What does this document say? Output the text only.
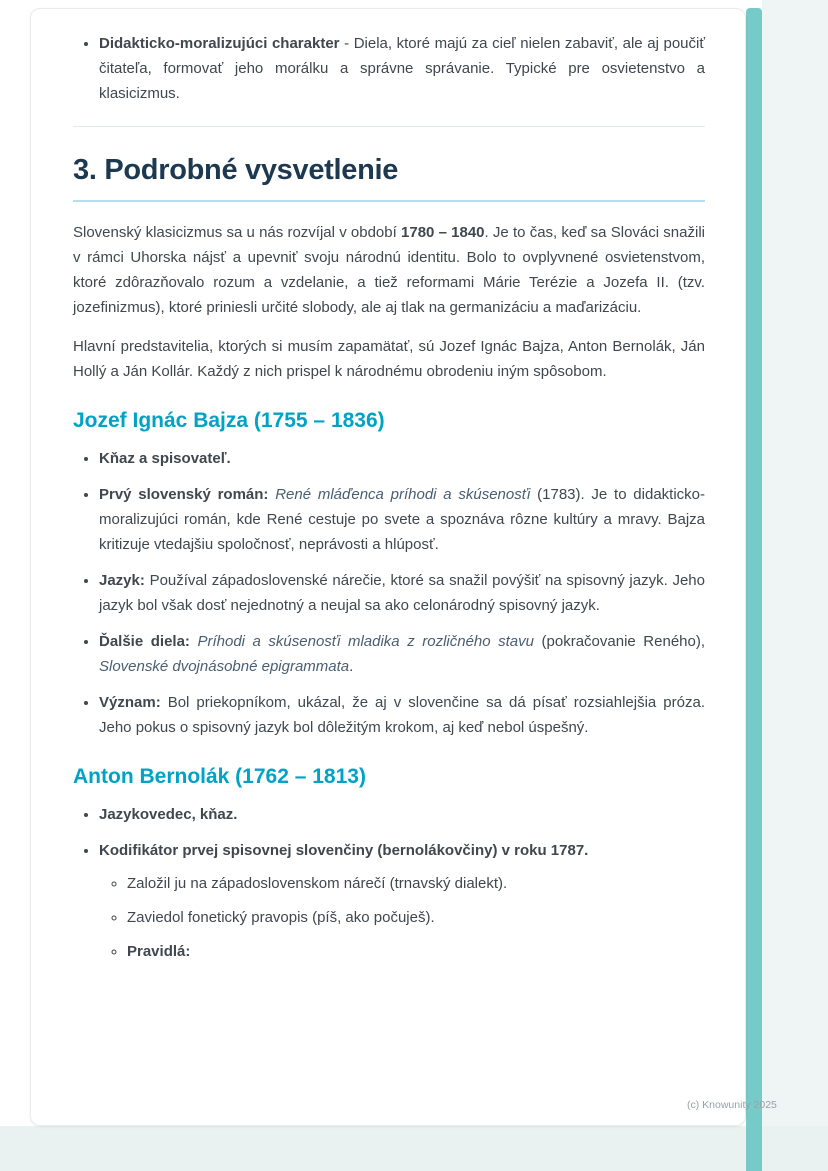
• Didakticko-moralizujúci charakter - Diela, ktoré majú za cieľ nielen zabaviť, ale aj poučiť čitateľa, formovať jeho morálku a správne správanie. Typické pre osvietenstvo a klasicizmus.
3. Podrobné vysvetlenie

Slovenský klasicizmus sa u nás rozvíjal v období 1780 – 1840. Je to čas, keď sa Slováci snažili v rámci Uhorska nájsť a upevniť svoju národnú identitu. Bolo to ovplyvnené osvietenstvom, ktoré zdôrazňovalo rozum a vzdelanie, a tiež reformami Márie Terézie a Jozefa II. (tzv. jozefinizmus), ktoré priniesli určité slobody, ale aj tlak na germanizáciu a maďarizáciu.

Hlavní predstavitelia, ktorých si musím zapamätať, sú Jozef Ignác Bajza, Anton Bernolák, Ján Hollý a Ján Kollár. Každý z nich prispel k národnému obrodeniu iným spôsobom.

Jozef Ignác Bajza (1755 – 1836)
• Kňaz a spisovateľ.
• Prvý slovenský román: René mláďenca príhodi a skúsenosťi (1783). Je to didakticko-moralizujúci román, kde René cestuje po svete a spoznáva rôzne kultúry a mravy. Bajza kritizuje vtedajšiu spoločnosť, neprávosti a hlúposť.
• Jazyk: Používal západoslovenské nárečie, ktoré sa snažil povýšiť na spisovný jazyk. Jeho jazyk bol však dosť nejednotný a neujal sa ako celonárodný spisovný jazyk.
• Ďalšie diela: Príhodi a skúsenosťi mladika z rozličného stavu (pokračovanie Reného), Slovenské dvojnásobné epigrammata.
• Význam: Bol priekopníkom, ukázal, že aj v slovenčine sa dá písať rozsiahlejšia próza. Jeho pokus o spisovný jazyk bol dôležitým krokom, aj keď nebol úspešný.
Anton Bernolák (1762 – 1813)
• Jazykovedec, kňaz.
• Kodifikátor prvej spisovnej slovenčiny (bernolákovčiny) v roku 1787.
◦ Založil ju na západoslovenskom nárečí (trnavský dialekt).
◦ Zaviedol fonetický pravopis (píš, ako počuješ).
◦ Pravidlá:
(c) Knowunity 2025
